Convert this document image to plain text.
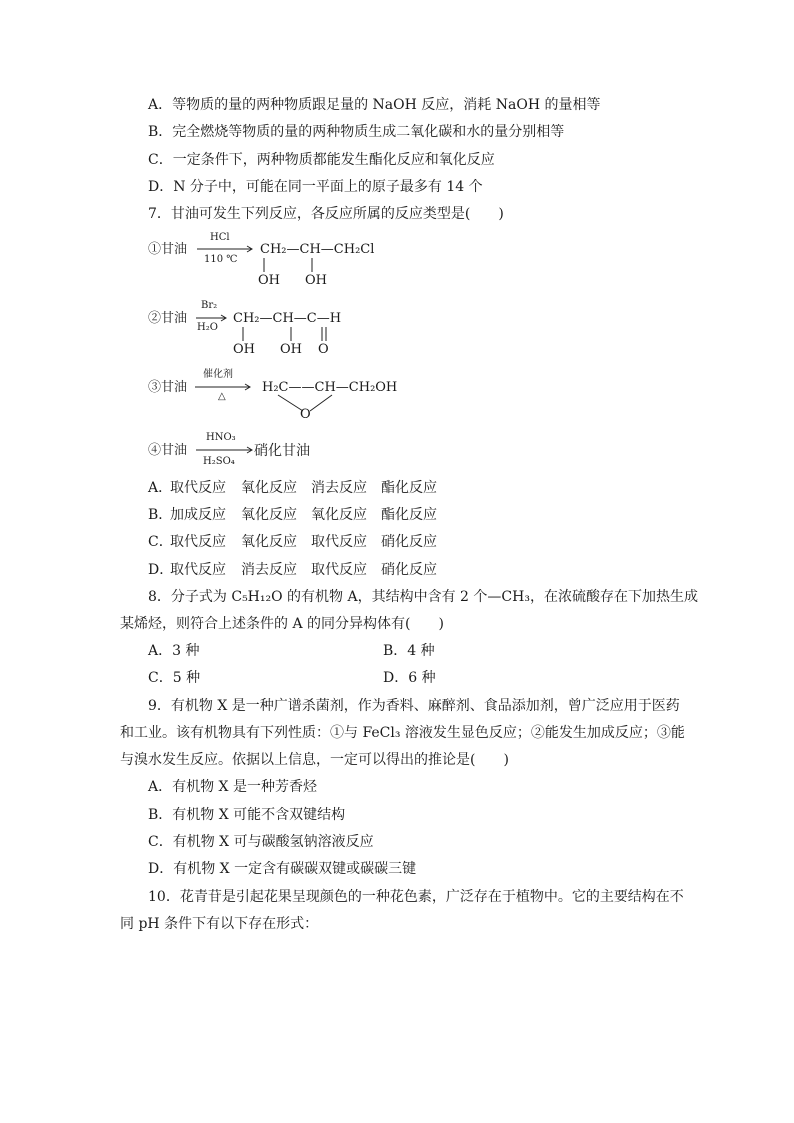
A．等物质的量的两种物质跟足量的 NaOH 反应，消耗 NaOH 的量相等
B．完全燃烧等物质的量的两种物质生成二氧化碳和水的量分别相等
C．一定条件下，两种物质都能发生酯化反应和氧化反应
D．N 分子中，可能在同一平面上的原子最多有 14 个
7．甘油可发生下列反应，各反应所属的反应类型是(　　)
①甘油
HCl
110 ℃
CH₂—CH—CH₂Cl
OH OH
②甘油
Br₂
H₂O
CH₂—CH—C—H
OH OH O
③甘油
催化剂
△
H₂C——CH—CH₂OH
O
④甘油
HNO₃
H₂SO₄
硝化甘油
A．
取代反应 氧化反应 消去反应 酯化反应
B．
加成反应 氧化反应 氧化反应 酯化反应
C．
取代反应 氧化反应 取代反应 硝化反应
D．
取代反应 消去反应 取代反应 硝化反应
8．分子式为 C₅H₁₂O 的有机物 A，其结构中含有 2 个—CH₃，在浓硫酸存在下加热生成
某烯烃，则符合上述条件的 A 的同分异构体有(　　)
A．3 种	B．4 种
C．5 种	D．6 种
9．有机物 X 是一种广谱杀菌剂，作为香料、麻醉剂、食品添加剂，曾广泛应用于医药
和工业。该有机物具有下列性质：①与 FeCl₃ 溶液发生显色反应；②能发生加成反应；③能
与溴水发生反应。依据以上信息，一定可以得出的推论是(　　)
A．有机物 X 是一种芳香烃
B．有机物 X 可能不含双键结构
C．有机物 X 可与碳酸氢钠溶液反应
D．有机物 X 一定含有碳碳双键或碳碳三键
10．花青苷是引起花果呈现颜色的一种花色素，广泛存在于植物中。它的主要结构在不
同 pH 条件下有以下存在形式：
